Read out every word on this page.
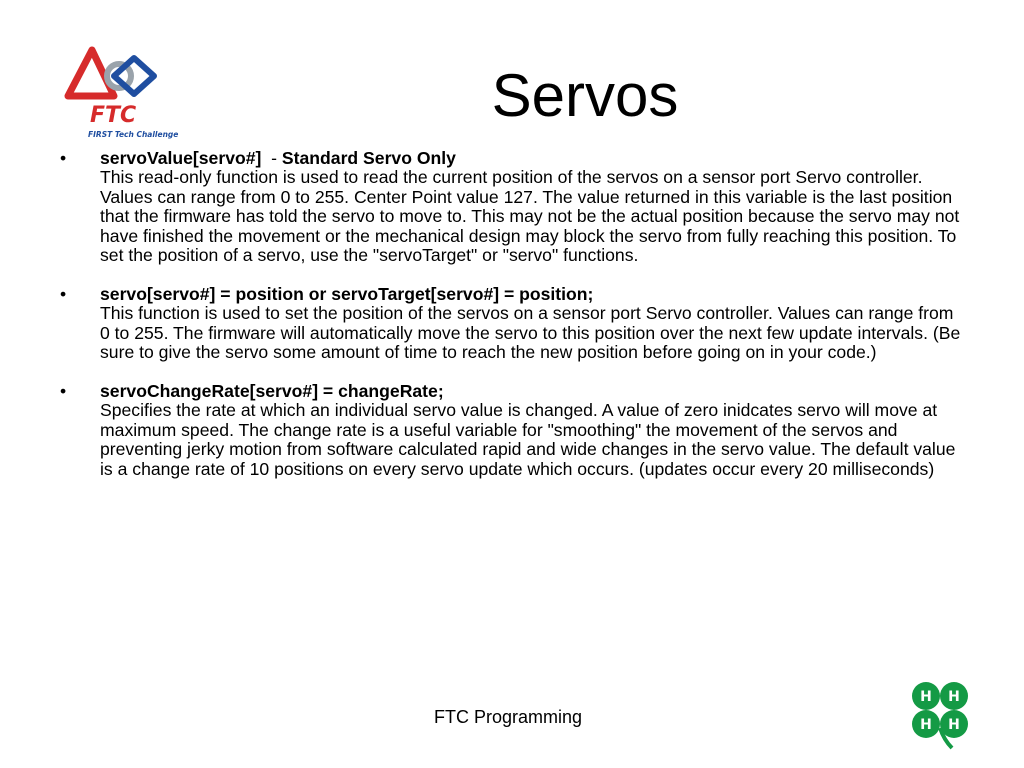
FTC
FIRST Tech Challenge
Servos
• servoValue[servo#]  - Standard Servo Only
This read-only function is used to read the current position of the servos on a sensor port Servo controller. Values can range from 0 to 255. Center Point value 127. The value returned in this variable is the last position that the firmware has told the servo to move to. This may not be the actual position because the servo may not have finished the movement or the mechanical design may block the servo from fully reaching this position. To set the position of a servo, use the "servoTarget" or "servo" functions.
• servo[servo#] = position or servoTarget[servo#] = position;
This function is used to set the position of the servos on a sensor port Servo controller. Values can range from 0 to 255. The firmware will automatically move the servo to this position over the next few update intervals. (Be sure to give the servo some amount of time to reach the new position before going on in your code.)
• servoChangeRate[servo#] = changeRate;
Specifies the rate at which an individual servo value is changed. A value of zero inidcates servo will move at maximum speed. The change rate is a useful variable for "smoothing" the movement of the servos and preventing jerky motion from software calculated rapid and wide changes in the servo value. The default value is a change rate of 10 positions on every servo update which occurs. (updates occur every 20 milliseconds)
FTC Programming
H H
H H
